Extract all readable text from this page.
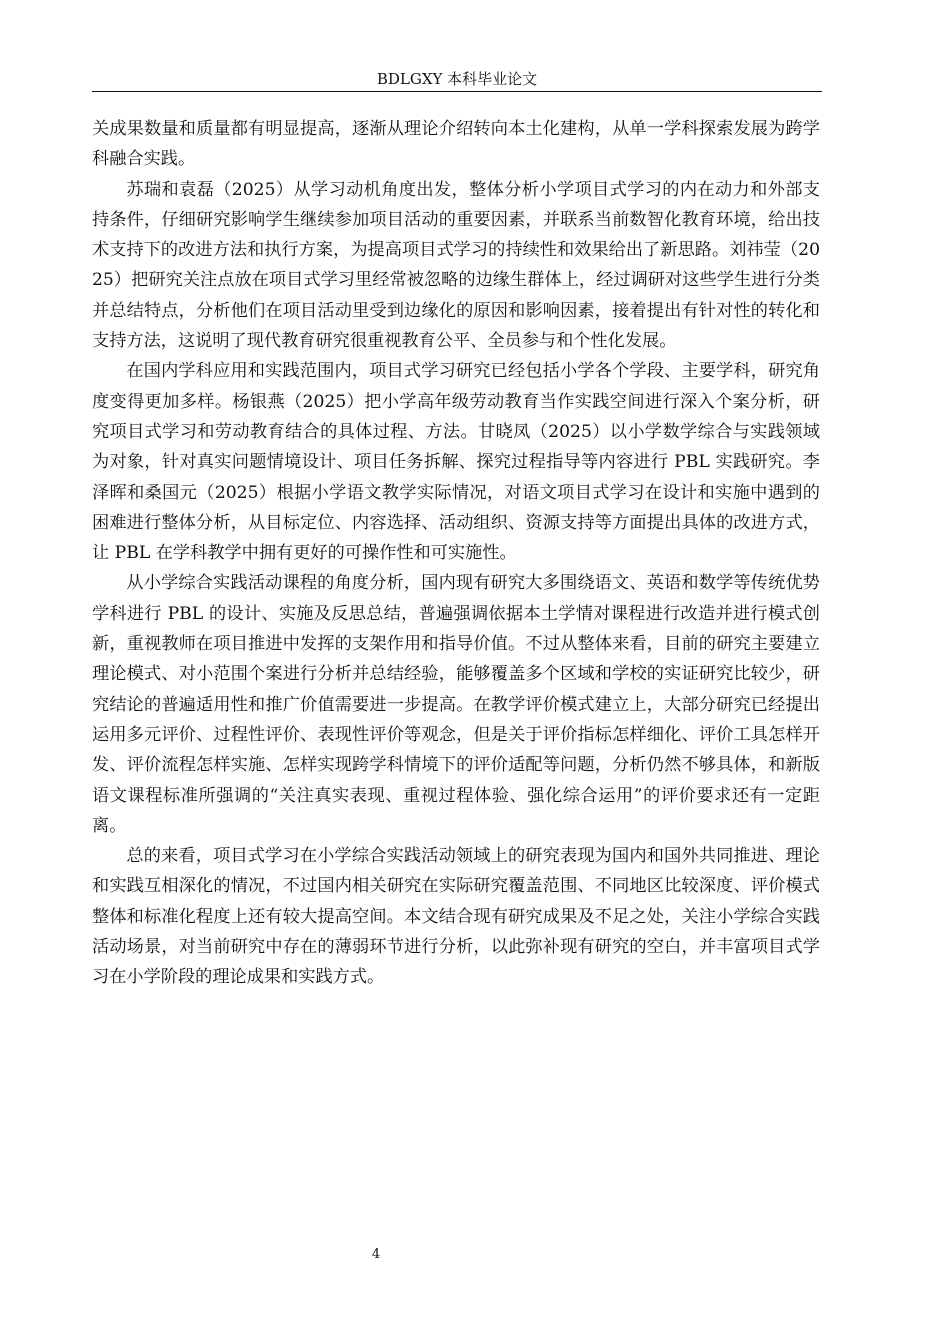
BDLGXY 本科毕业论文

关成果数量和质量都有明显提高，逐渐从理论介绍转向本土化建构，从单一学科探索发展为跨学科融合实践。

苏瑞和袁磊（2025）从学习动机角度出发，整体分析小学项目式学习的内在动力和外部支持条件，仔细研究影响学生继续参加项目活动的重要因素，并联系当前数智化教育环境，给出技术支持下的改进方法和执行方案，为提高项目式学习的持续性和效果给出了新思路。刘祎莹（2025）把研究关注点放在项目式学习里经常被忽略的边缘生群体上，经过调研对这些学生进行分类并总结特点，分析他们在项目活动里受到边缘化的原因和影响因素，接着提出有针对性的转化和支持方法，这说明了现代教育研究很重视教育公平、全员参与和个性化发展。

在国内学科应用和实践范围内，项目式学习研究已经包括小学各个学段、主要学科，研究角度变得更加多样。杨银燕（2025）把小学高年级劳动教育当作实践空间进行深入个案分析，研究项目式学习和劳动教育结合的具体过程、方法。甘晓凤（2025）以小学数学综合与实践领域为对象，针对真实问题情境设计、项目任务拆解、探究过程指导等内容进行 PBL 实践研究。李泽晖和桑国元（2025）根据小学语文教学实际情况，对语文项目式学习在设计和实施中遇到的困难进行整体分析，从目标定位、内容选择、活动组织、资源支持等方面提出具体的改进方式，让 PBL 在学科教学中拥有更好的可操作性和可实施性。

从小学综合实践活动课程的角度分析，国内现有研究大多围绕语文、英语和数学等传统优势学科进行 PBL 的设计、实施及反思总结，普遍强调依据本土学情对课程进行改造并进行模式创新，重视教师在项目推进中发挥的支架作用和指导价值。不过从整体来看，目前的研究主要建立理论模式、对小范围个案进行分析并总结经验，能够覆盖多个区域和学校的实证研究比较少，研究结论的普遍适用性和推广价值需要进一步提高。在教学评价模式建立上，大部分研究已经提出运用多元评价、过程性评价、表现性评价等观念，但是关于评价指标怎样细化、评价工具怎样开发、评价流程怎样实施、怎样实现跨学科情境下的评价适配等问题，分析仍然不够具体，和新版语文课程标准所强调的“关注真实表现、重视过程体验、强化综合运用”的评价要求还有一定距离。

总的来看，项目式学习在小学综合实践活动领域上的研究表现为国内和国外共同推进、理论和实践互相深化的情况，不过国内相关研究在实际研究覆盖范围、不同地区比较深度、评价模式整体和标准化程度上还有较大提高空间。本文结合现有研究成果及不足之处，关注小学综合实践活动场景，对当前研究中存在的薄弱环节进行分析，以此弥补现有研究的空白，并丰富项目式学习在小学阶段的理论成果和实践方式。

4
